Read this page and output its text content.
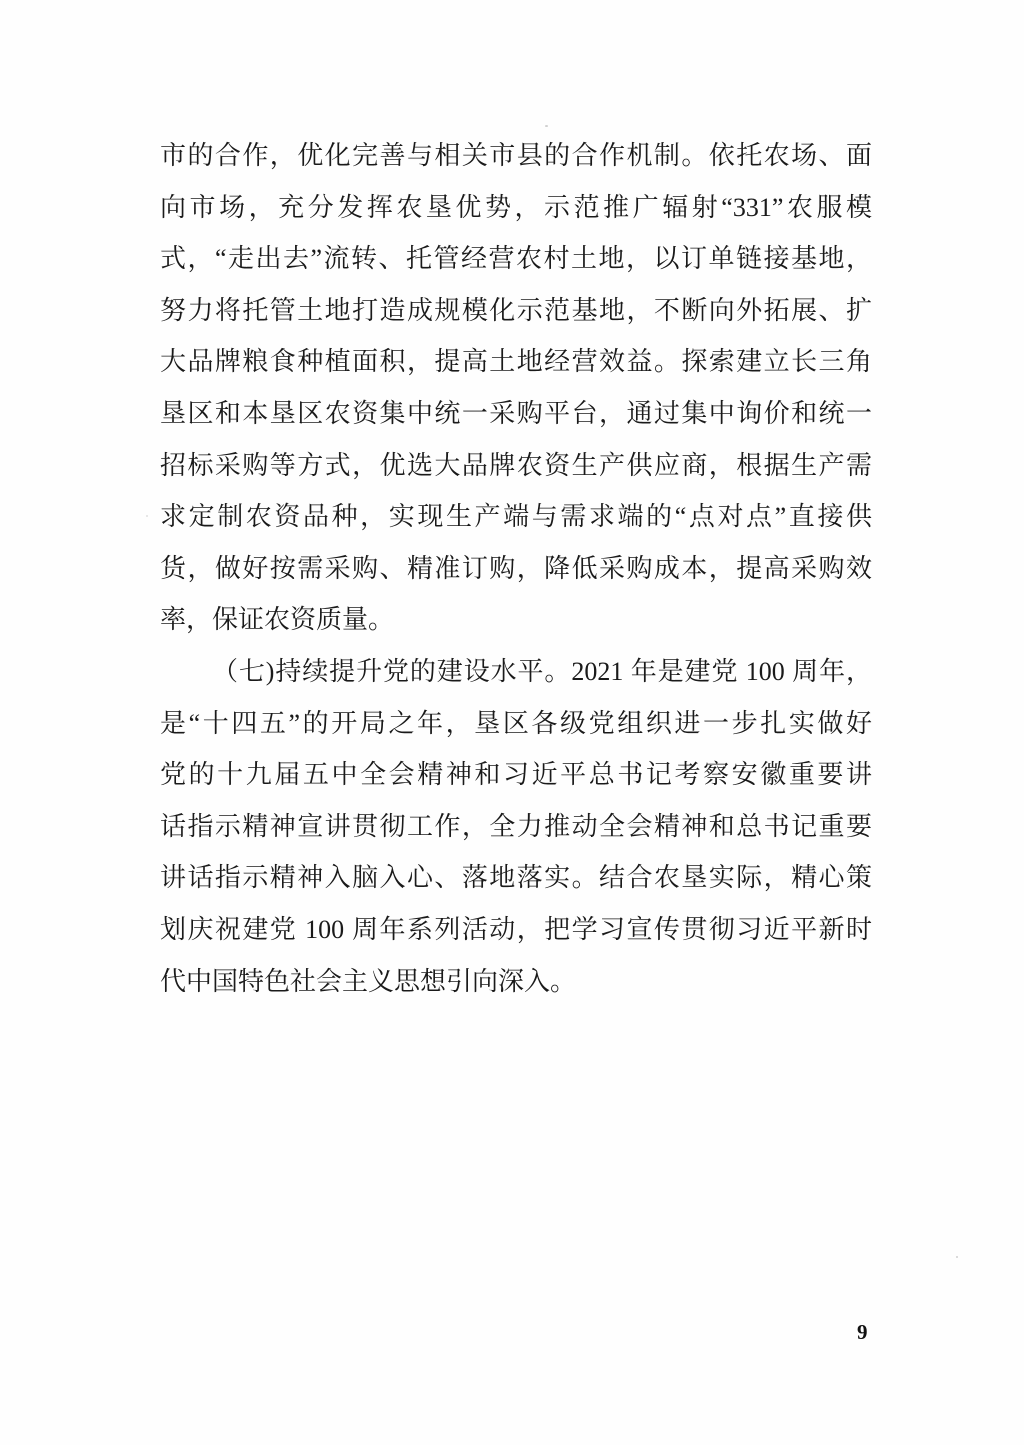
市的合作，优化完善与相关市县的合作机制。依托农场、面

向市场，充分发挥农垦优势，示范推广辐射“331”农服模

式，“走出去”流转、托管经营农村土地，以订单链接基地，

努力将托管土地打造成规模化示范基地，不断向外拓展、扩

大品牌粮食种植面积，提高土地经营效益。探索建立长三角

垦区和本垦区农资集中统一采购平台，通过集中询价和统一

招标采购等方式，优选大品牌农资生产供应商，根据生产需

求定制农资品种，实现生产端与需求端的“点对点”直接供

货，做好按需采购、精准订购，降低采购成本，提高采购效

率，保证农资质量。

（七)持续提升党的建设水平。2021 年是建党 100 周年，

是“十四五”的开局之年，垦区各级党组织进一步扎实做好

党的十九届五中全会精神和习近平总书记考察安徽重要讲

话指示精神宣讲贯彻工作，全力推动全会精神和总书记重要

讲话指示精神入脑入心、落地落实。结合农垦实际，精心策

划庆祝建党 100 周年系列活动，把学习宣传贯彻习近平新时

代中国特色社会主义思想引向深入。

9
